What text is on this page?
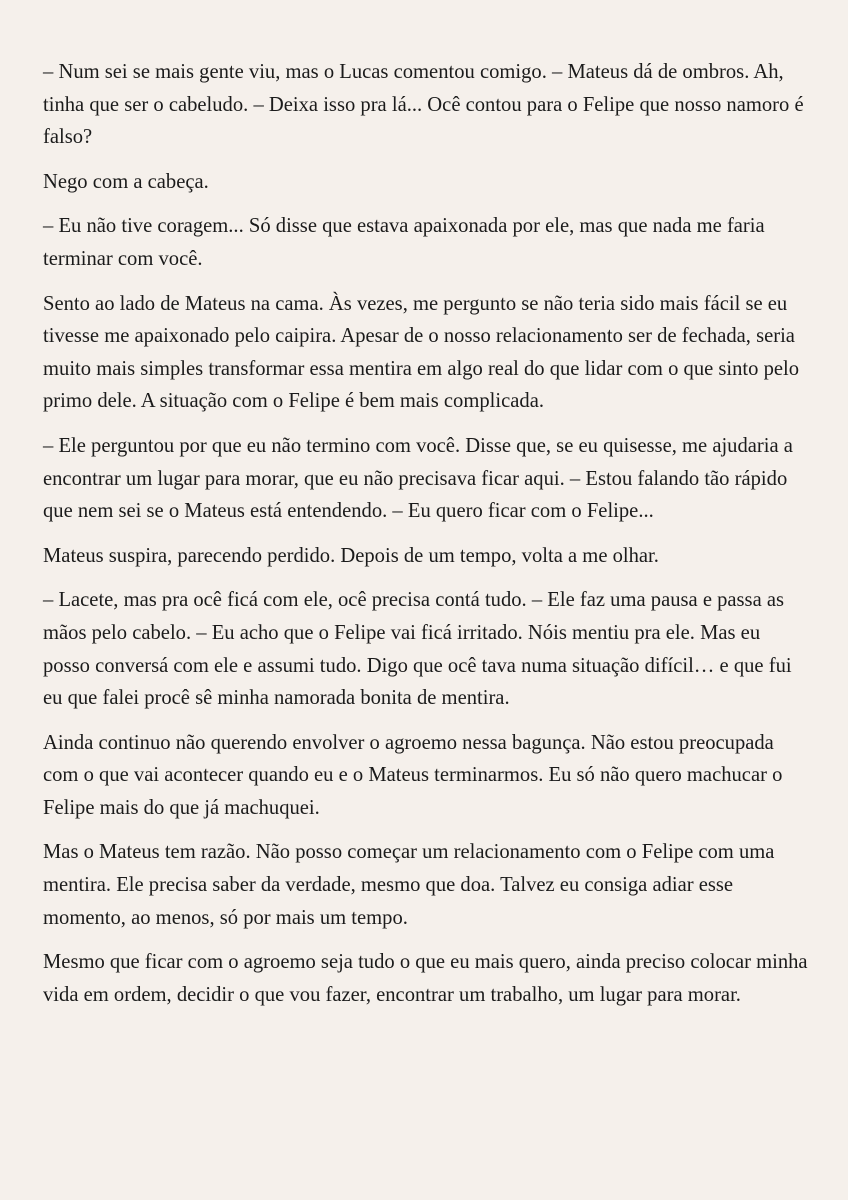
– Num sei se mais gente viu, mas o Lucas comentou comigo. – Mateus dá de ombros. Ah, tinha que ser o cabeludo. – Deixa isso pra lá... Ocê contou para o Felipe que nosso namoro é falso?

Nego com a cabeça.

– Eu não tive coragem... Só disse que estava apaixonada por ele, mas que nada me faria terminar com você.

Sento ao lado de Mateus na cama. Às vezes, me pergunto se não teria sido mais fácil se eu tivesse me apaixonado pelo caipira. Apesar de o nosso relacionamento ser de fechada, seria muito mais simples transformar essa mentira em algo real do que lidar com o que sinto pelo primo dele. A situação com o Felipe é bem mais complicada.

– Ele perguntou por que eu não termino com você. Disse que, se eu quisesse, me ajudaria a encontrar um lugar para morar, que eu não precisava ficar aqui. – Estou falando tão rápido que nem sei se o Mateus está entendendo. – Eu quero ficar com o Felipe...

Mateus suspira, parecendo perdido. Depois de um tempo, volta a me olhar.

– Lacete, mas pra ocê ficá com ele, ocê precisa contá tudo. – Ele faz uma pausa e passa as mãos pelo cabelo. – Eu acho que o Felipe vai ficá irritado. Nóis mentiu pra ele. Mas eu posso conversá com ele e assumi tudo. Digo que ocê tava numa situação difícil… e que fui eu que falei procê sê minha namorada bonita de mentira.

Ainda continuo não querendo envolver o agroemo nessa bagunça. Não estou preocupada com o que vai acontecer quando eu e o Mateus terminarmos. Eu só não quero machucar o Felipe mais do que já machuquei.

Mas o Mateus tem razão. Não posso começar um relacionamento com o Felipe com uma mentira. Ele precisa saber da verdade, mesmo que doa. Talvez eu consiga adiar esse momento, ao menos, só por mais um tempo.

Mesmo que ficar com o agroemo seja tudo o que eu mais quero, ainda preciso colocar minha vida em ordem, decidir o que vou fazer, encontrar um trabalho, um lugar para morar.
